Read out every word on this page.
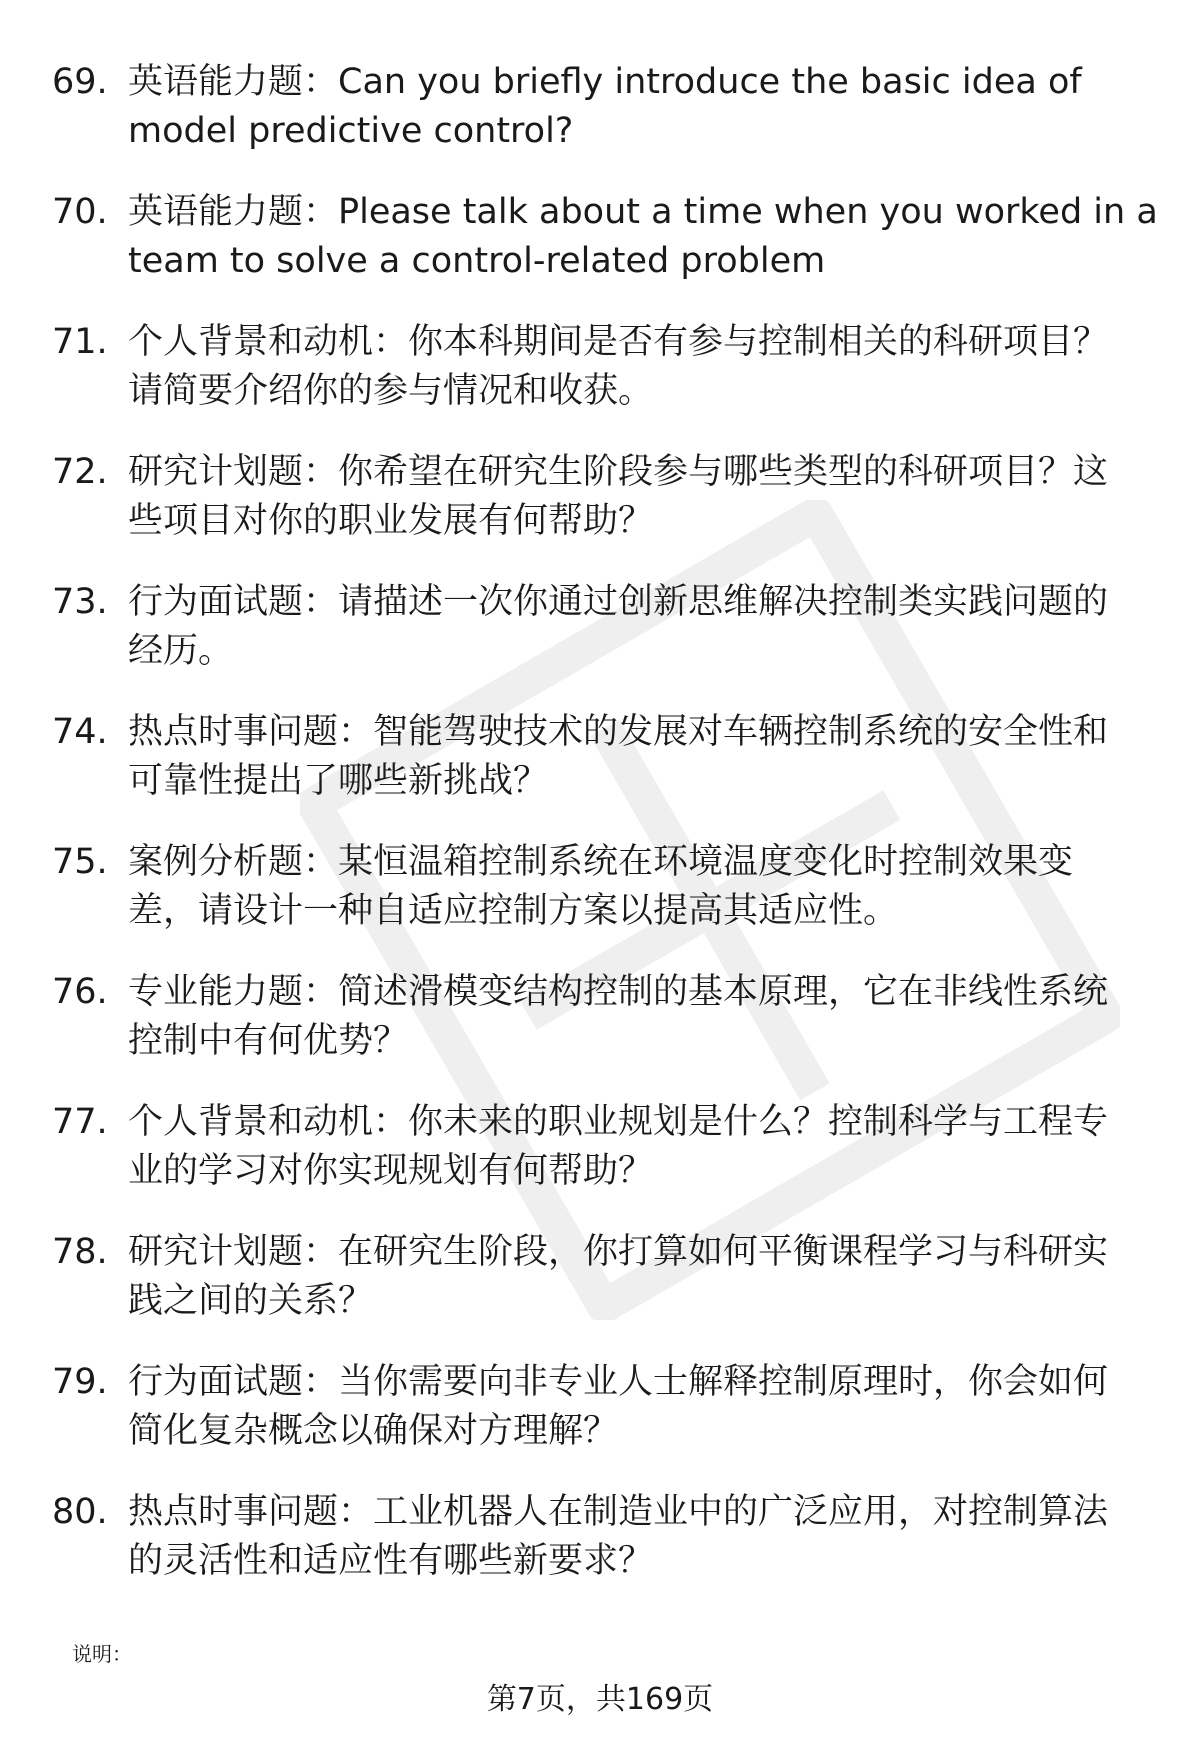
69. 英语能力题：Can you briefly introduce the basic idea of
model predictive control?

70. 英语能力题：Please talk about a time when you worked in a
team to solve a control-related problem

71. 个人背景和动机：你本科期间是否有参与控制相关的科研项目？
请简要介绍你的参与情况和收获。

72. 研究计划题：你希望在研究生阶段参与哪些类型的科研项目？这
些项目对你的职业发展有何帮助？

73. 行为面试题：请描述一次你通过创新思维解决控制类实践问题的
经历。

74. 热点时事问题：智能驾驶技术的发展对车辆控制系统的安全性和
可靠性提出了哪些新挑战？

75. 案例分析题：某恒温箱控制系统在环境温度变化时控制效果变
差，请设计一种自适应控制方案以提高其适应性。

76. 专业能力题：简述滑模变结构控制的基本原理，它在非线性系统
控制中有何优势？

77. 个人背景和动机：你未来的职业规划是什么？控制科学与工程专
业的学习对你实现规划有何帮助？

78. 研究计划题：在研究生阶段，你打算如何平衡课程学习与科研实
践之间的关系？

79. 行为面试题：当你需要向非专业人士解释控制原理时，你会如何
简化复杂概念以确保对方理解？

80. 热点时事问题：工业机器人在制造业中的广泛应用，对控制算法
的灵活性和适应性有哪些新要求？

说明：
第7页，共169页
